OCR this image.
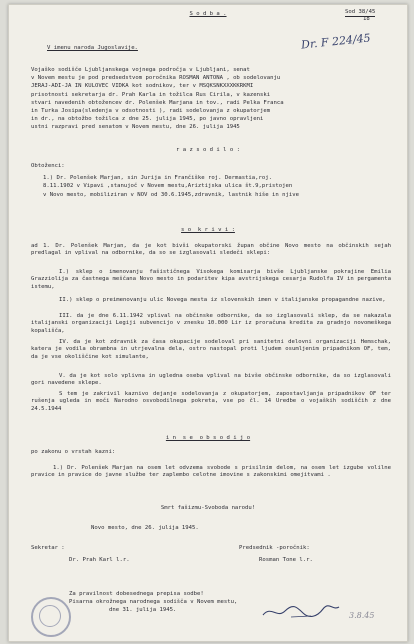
S o d b a .	Sod 38/45
18
Dr. F 224/45
V imenu naroda Jugoslavije.
Vojaško sodišče Ljubljanskega vojnega področja v Ljubljani, senat
v Novem mestu je pod predsedstvom poročnika ROSMAN ANTONA , ob sodelovanju
JERAJ-ADI-JA IN KULOVEC VIDKA kot sodnikov, ter v MSQKSNKXXXKKRKMI
prisotnosti sekretarja dr. Prah Karla in tožilca Rus Cirila, v kazenski
stvari navedenih obtožencev dr. Polenšek Marjana in tov., radi Pelka Franca
in Turka Josipa(sledenja v odsotnosti ), radi sodelovanja z okupatorjem
in dr., na obtožbo tožilca z dne 25. julija 1945, po javno opravljeni
ustni razpravi pred senatom v Novem mestu, dne 26. julija 1945
r a z s o d i l o :
Obtoženci:
1.) Dr. Polenšek Marjan, sin Jurija in Frančiške roj. Dermastia,roj.
8.11.1902 v Vipavi ,stanujoč v Novem mestu,Ariztijska ulica št.9,pristojen
v Novo mesto, mobiliziran v NOV od 30.6.1945,zdravnik, lastnik hiše in njive
s o  k r i v i :
ad 1. Dr. Polenšek Marjan, da je kot bivši okupatorski župan občine Novo mesto na občinskih sejah predlagal in vplival na odbornike, da so se izglasovali sledeči sklepi:
I.) sklep o imenovanju fašističnega Visokega komisarja bivše Ljubljanske pokrajine Emilia Grazziolija za častnega meščana Novo mesto in podaritev kipa avstrijskega cesarja Rudolfa IV in pergamenta istemu,
II.) sklep o preimenovanju ulic Novega mesta iz slovenskih imen v italijanske propagandne nazive,
III. da je dne 6.11.1942 vplival na občinske odbornike, da so izglasovali sklep, da se nakazala italijanski organizaciji Legiji subvencijo v znesku 10.000 Lir iz proračuna kredita za gradnjo novomeškega kopališča,
IV. da je kot zdravnik za časa okupacije sodeloval pri sanitetni delovni organizaciji Hemschak, katera je vodila obrambna in utrjevalna dela, ostro nastopal proti ljudem osumljenim pripadnikom OF, tem, da je vse okoliščine kot simulante,
V. da je kot solo vplivna in ugledna oseba vplival na bivše občinske odbornike, da so izglasovali gori navedene sklepe.
S tem je zakrivil kaznivo dejanje sodelovanja z okupatorjem, zapostavljanja pripadnikov OF ter rušenja ugleda in moči Narodno osvobodilnega pokreta, vse po čl. 14 Uredbe o vojaških sodiščih z dne 24.5.1944
i n  s e  o b s o d i j o
po zakonu o vrstah kazni:
1.) Dr. Polenšek Marjan na osem let odvzema svobode s prisilnim delom, na osem let izgube volilne pravice in pravice do javne službe ter zaplembo celotne imovine s zakonskimi omejitvami .
Smrt fašizmu-Svoboda narodu!
Novo mesto, dne 26. julija 1945.
Sekretar :	Predsednik -poročnik:
Dr. Prah Karl l.r.	Rosman Tone l.r.
Za pravilnost dobesednega prepisa sodbe!
Pisarna okrožnega narodnega sodišča v Novem mestu,
dne 31. julija 1945.
3.8.45
